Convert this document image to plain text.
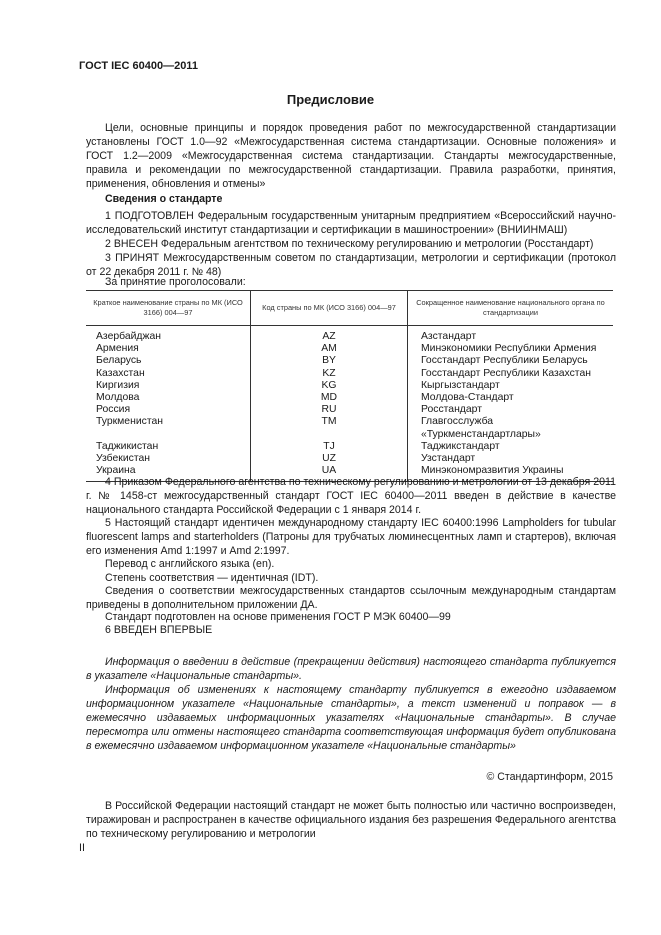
ГОСТ IEC 60400—2011
Предисловие
Цели, основные принципы и порядок проведения работ по межгосударственной стандартизации установлены ГОСТ 1.0—92 «Межгосударственная система стандартизации. Основные положения» и ГОСТ 1.2—2009 «Межгосударственная система стандартизации. Стандарты межгосударственные, правила и рекомендации по межгосударственной стандартизации. Правила разработки, принятия, применения, обновления и отмены»
Сведения о стандарте
1 ПОДГОТОВЛЕН Федеральным государственным унитарным предприятием «Всероссийский научно-исследовательский институт стандартизации и сертификации в машиностроении» (ВНИИНМАШ)
2 ВНЕСЕН Федеральным агентством по техническому регулированию и метрологии (Росстандарт)
3 ПРИНЯТ Межгосударственным советом по стандартизации, метрологии и сертификации (протокол от 22 декабря 2011 г. № 48)
За принятие проголосовали:
Краткое наименование страны по МК (ИСО 3166) 004—97	Код страны по МК (ИСО 3166) 004—97	Сокращенное наименование национального органа по стандартизации
Азербайджан	AZ	Азстандарт
Армения	AM	Минэкономики Республики Армения
Беларусь	BY	Госстандарт Республики Беларусь
Казахстан	KZ	Госстандарт Республики Казахстан
Киргизия	KG	Кыргызстандарт
Молдова	MD	Молдова-Стандарт
Россия	RU	Росстандарт
Туркменистан	TM	Главгосслужба «Туркменстандартлары»
Таджикистан	TJ	Таджикстандарт
Узбекистан	UZ	Узстандарт
Украина	UA	Минэкономразвития Украины
4 Приказом Федерального агентства по техническому регулированию и метрологии от 13 декабря 2011 г. № 1458-ст межгосударственный стандарт ГОСТ IEC 60400—2011 введен в действие в качестве национального стандарта Российской Федерации с 1 января 2014 г.
5 Настоящий стандарт идентичен международному стандарту IEC 60400:1996 Lampholders for tubular fluorescent lamps and starterholders (Патроны для трубчатых люминесцентных ламп и стартеров), включая его изменения Amd 1:1997 и Amd 2:1997.
Перевод с английского языка (en).
Степень соответствия — идентичная (IDT).
Сведения о соответствии межгосударственных стандартов ссылочным международным стандартам приведены в дополнительном приложении ДА.
Стандарт подготовлен на основе применения ГОСТ Р МЭК 60400—99
6 ВВЕДЕН ВПЕРВЫЕ
Информация о введении в действие (прекращении действия) настоящего стандарта публикуется в указателе «Национальные стандарты».
Информация об изменениях к настоящему стандарту публикуется в ежегодно издаваемом информационном указателе «Национальные стандарты», а текст изменений и поправок — в ежемесячно издаваемых информационных указателях «Национальные стандарты». В случае пересмотра или отмены настоящего стандарта соответствующая информация будет опубликована в ежемесячно издаваемом информационном указателе «Национальные стандарты»
© Стандартинформ, 2015
В Российской Федерации настоящий стандарт не может быть полностью или частично воспроизведен, тиражирован и распространен в качестве официального издания без разрешения Федерального агентства по техническому регулированию и метрологии
II
